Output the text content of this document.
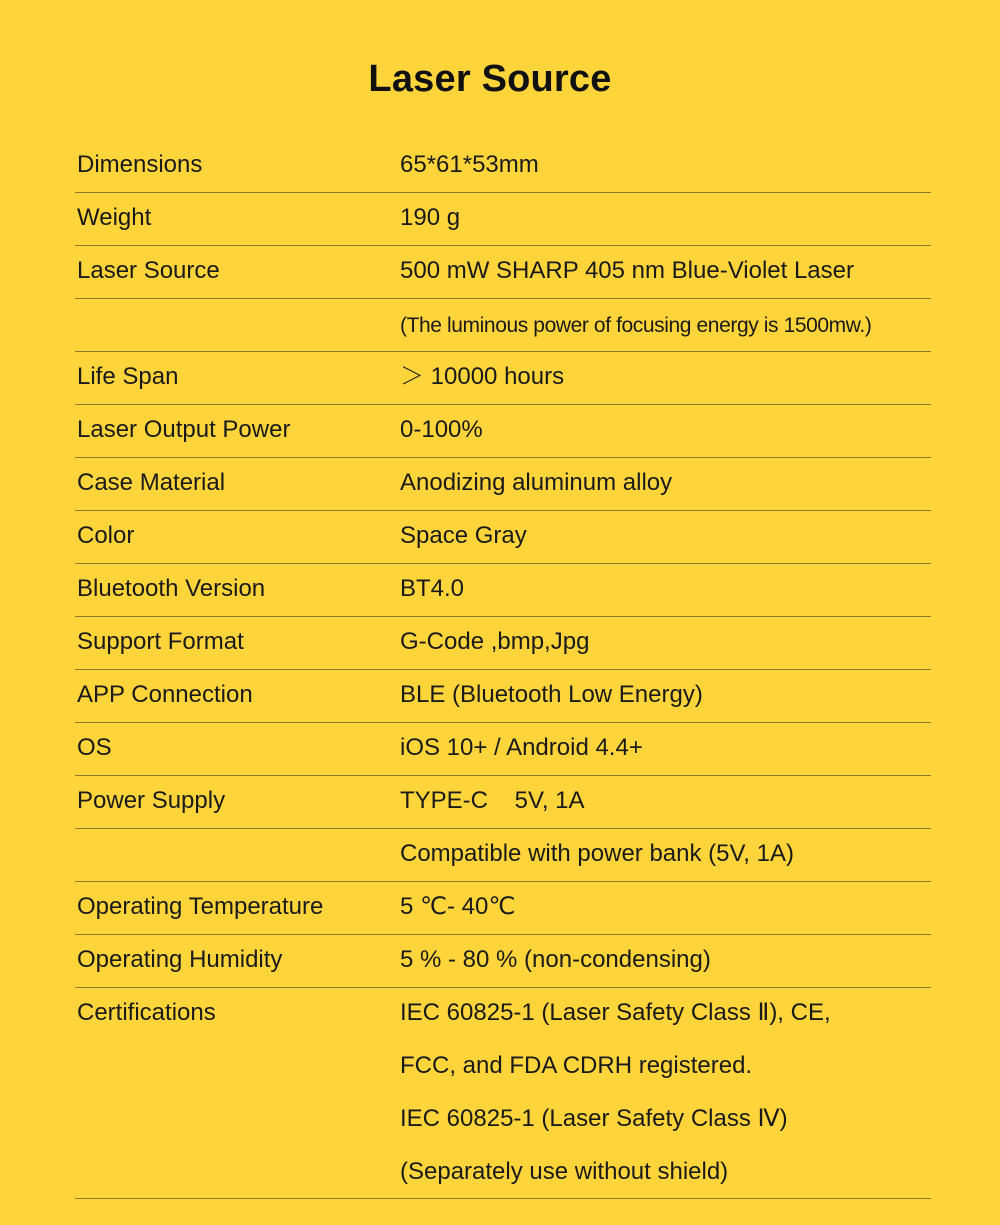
Laser Source
Dimensions	65*61*53mm
Weight	190 g
Laser Source	500 mW SHARP 405 nm Blue-Violet Laser
(The luminous power of focusing energy is 1500mw.)
Life Span	＞ 10000 hours
Laser Output Power	0-100%
Case Material	Anodizing aluminum alloy
Color	Space Gray
Bluetooth Version	BT4.0
Support Format	G-Code ,bmp,Jpg
APP Connection	BLE (Bluetooth Low Energy)
OS	iOS 10+ / Android 4.4+
Power Supply	TYPE-C    5V, 1A
Compatible with power bank (5V, 1A)
Operating Temperature	5 ℃- 40℃
Operating Humidity	5 % - 80 % (non-condensing)
Certifications	IEC 60825-1 (Laser Safety Class Ⅱ), CE,
FCC, and FDA CDRH registered.
IEC 60825-1 (Laser Safety Class Ⅳ)
(Separately use without shield)
